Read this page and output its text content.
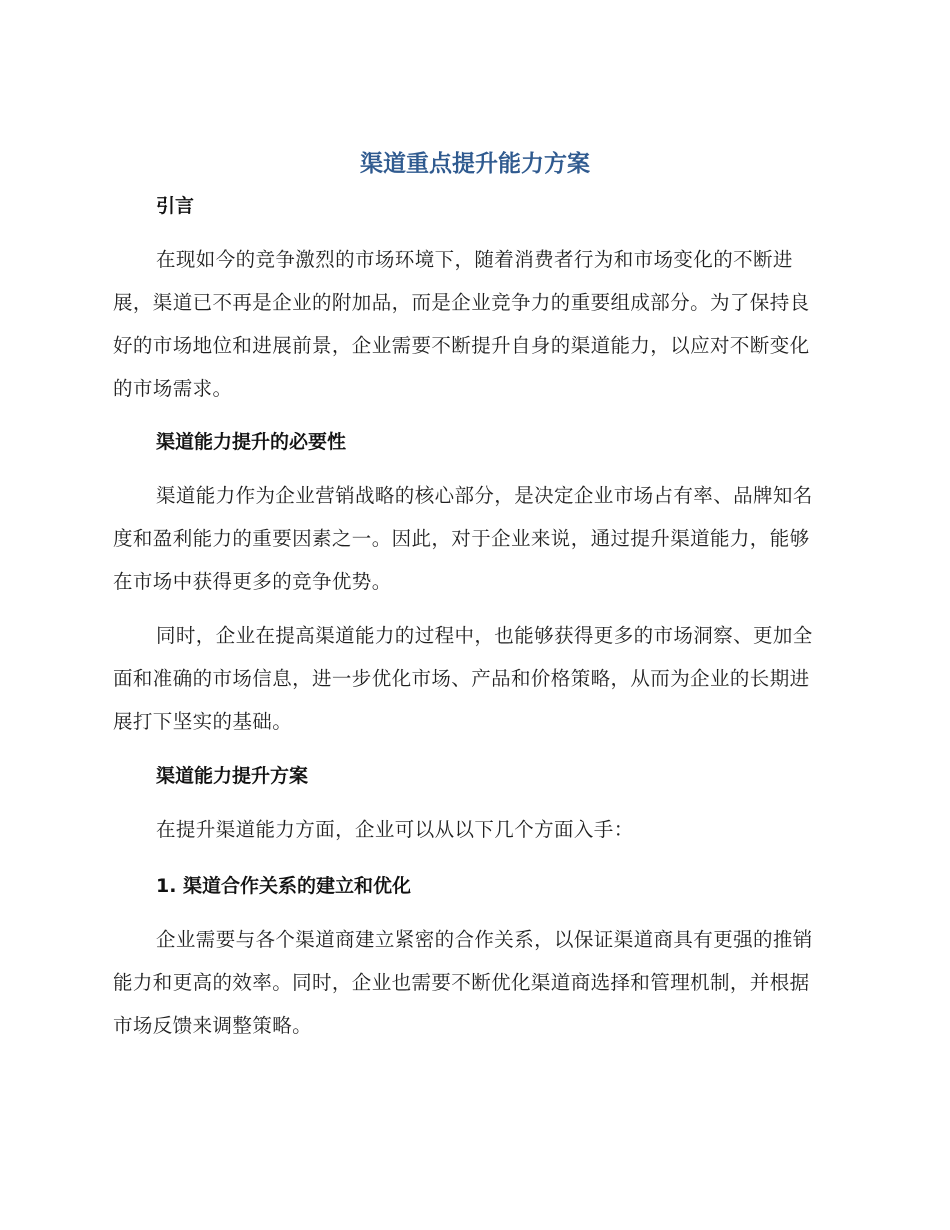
渠道重点提升能力方案
引言

在现如今的竞争激烈的市场环境下，随着消费者行为和市场变化的不断进展，渠道已不再是企业的附加品，而是企业竞争力的重要组成部分。为了保持良好的市场地位和进展前景，企业需要不断提升自身的渠道能力，以应对不断变化的市场需求。

渠道能力提升的必要性

渠道能力作为企业营销战略的核心部分，是决定企业市场占有率、品牌知名度和盈利能力的重要因素之一。因此，对于企业来说，通过提升渠道能力，能够在市场中获得更多的竞争优势。

同时，企业在提高渠道能力的过程中，也能够获得更多的市场洞察、更加全面和准确的市场信息，进一步优化市场、产品和价格策略，从而为企业的长期进展打下坚实的基础。

渠道能力提升方案

在提升渠道能力方面，企业可以从以下几个方面入手：

1. 渠道合作关系的建立和优化

企业需要与各个渠道商建立紧密的合作关系，以保证渠道商具有更强的推销能力和更高的效率。同时，企业也需要不断优化渠道商选择和管理机制，并根据市场反馈来调整策略。
